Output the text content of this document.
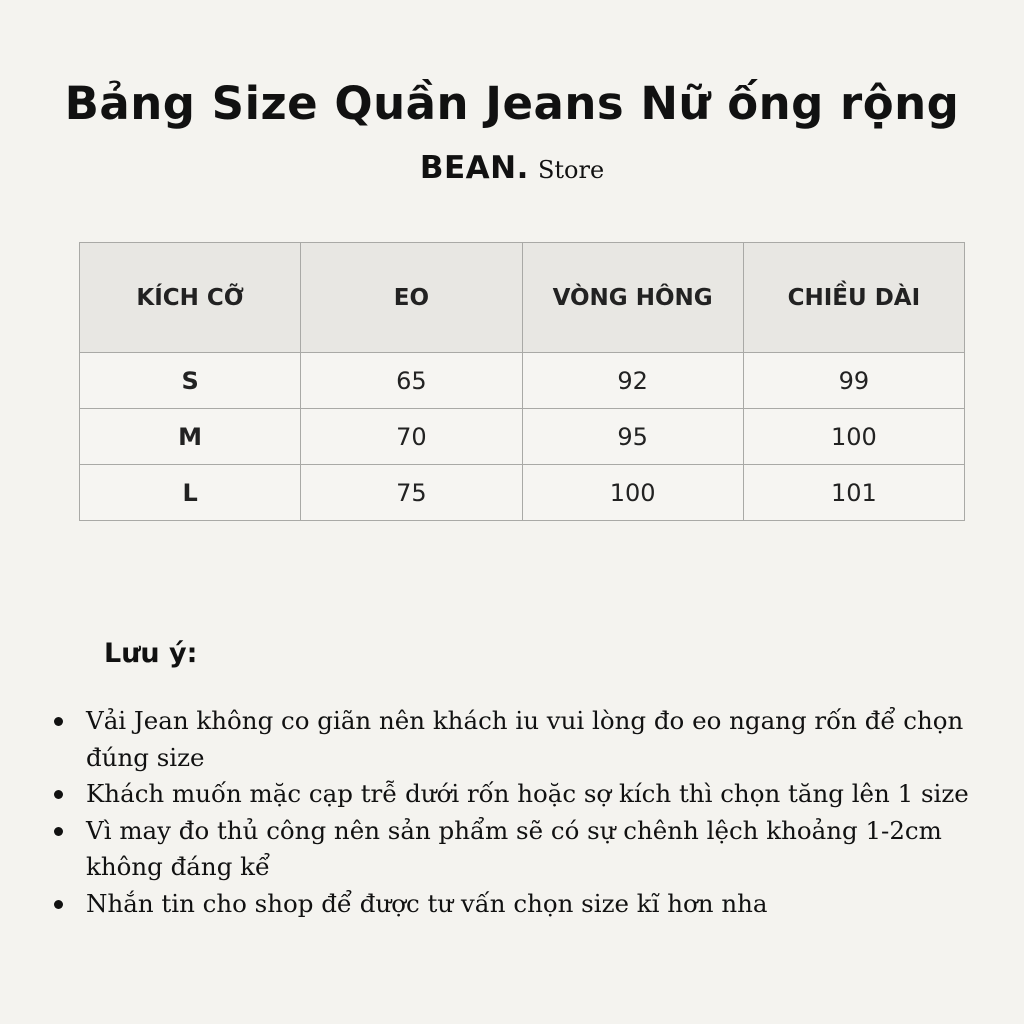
Bảng Size Quần Jeans Nữ ống rộng
BEAN. Store
KÍCH CỠ	EO	VÒNG HÔNG	CHIỀU DÀI
S	65	92	99
M	70	95	100
L	75	100	101
Lưu ý:
Vải Jean không co giãn nên khách iu vui lòng đo eo ngang rốn để chọn đúng size
Khách muốn mặc cạp trễ dưới rốn hoặc sợ kích thì chọn tăng lên 1 size
Vì may đo thủ công nên sản phẩm sẽ có sự chênh lệch khoảng 1-2cm không đáng kể
Nhắn tin cho shop để được tư vấn chọn size kĩ hơn nha
